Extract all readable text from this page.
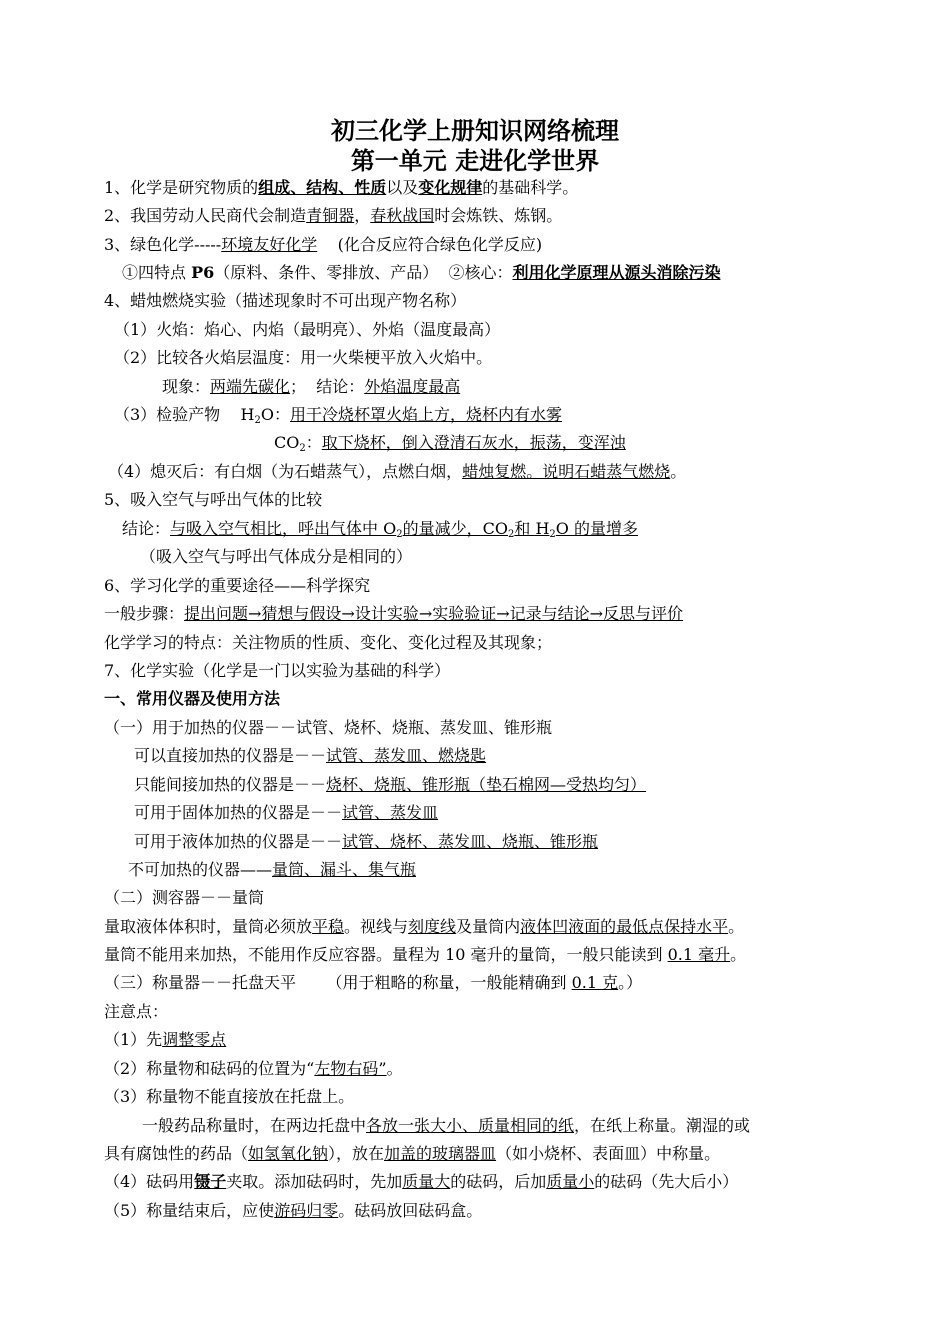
初三化学上册知识网络梳理
第一单元 走进化学世界
1、化学是研究物质的组成、结构、性质以及变化规律的基础科学。
2、我国劳动人民商代会制造青铜器，春秋战国时会炼铁、炼钢。
3、绿色化学-----环境友好化学    (化合反应符合绿色化学反应)
①四特点 P6（原料、条件、零排放、产品）  ②核心：利用化学原理从源头消除污染
4、蜡烛燃烧实验（描述现象时不可出现产物名称）
（1）火焰：焰心、内焰（最明亮）、外焰（温度最高）
（2）比较各火焰层温度：用一火柴梗平放入火焰中。
现象：两端先碳化；  结论：外焰温度最高
（3）检验产物    $H_2O$：用干冷烧杯罩火焰上方，烧杯内有水雾
$CO_2$：取下烧杯，倒入澄清石灰水，振荡，变浑浊
（4）熄灭后：有白烟（为石蜡蒸气），点燃白烟，蜡烛复燃。说明石蜡蒸气燃烧。
5、吸入空气与呼出气体的比较
结论：与吸入空气相比，呼出气体中 $O_2$的量减少，$CO_2$和 $H_2O$ 的量增多
（吸入空气与呼出气体成分是相同的）
6、学习化学的重要途径——科学探究
一般步骤：提出问题→猜想与假设→设计实验→实验验证→记录与结论→反思与评价
化学学习的特点：关注物质的性质、变化、变化过程及其现象；
7、化学实验（化学是一门以实验为基础的科学）
一、常用仪器及使用方法
（一）用于加热的仪器－－试管、烧杯、烧瓶、蒸发皿、锥形瓶
可以直接加热的仪器是－－试管、蒸发皿、燃烧匙
只能间接加热的仪器是－－烧杯、烧瓶、锥形瓶（垫石棉网—受热均匀）
可用于固体加热的仪器是－－试管、蒸发皿
可用于液体加热的仪器是－－试管、烧杯、蒸发皿、烧瓶、锥形瓶
不可加热的仪器——量筒、漏斗、集气瓶
（二）测容器－－量筒
量取液体体积时，量筒必须放平稳。视线与刻度线及量筒内液体凹液面的最低点保持水平。
量筒不能用来加热，不能用作反应容器。量程为 10 毫升的量筒，一般只能读到 0.1 毫升。
（三）称量器－－托盘天平      （用于粗略的称量，一般能精确到 0.1 克。）
注意点：
（1）先调整零点
（2）称量物和砝码的位置为“左物右码”。
（3）称量物不能直接放在托盘上。
一般药品称量时，在两边托盘中各放一张大小、质量相同的纸，在纸上称量。潮湿的或
具有腐蚀性的药品（如氢氧化钠），放在加盖的玻璃器皿（如小烧杯、表面皿）中称量。
（4）砝码用镊子夹取。添加砝码时，先加质量大的砝码，后加质量小的砝码（先大后小）
（5）称量结束后，应使游码归零。砝码放回砝码盒。
